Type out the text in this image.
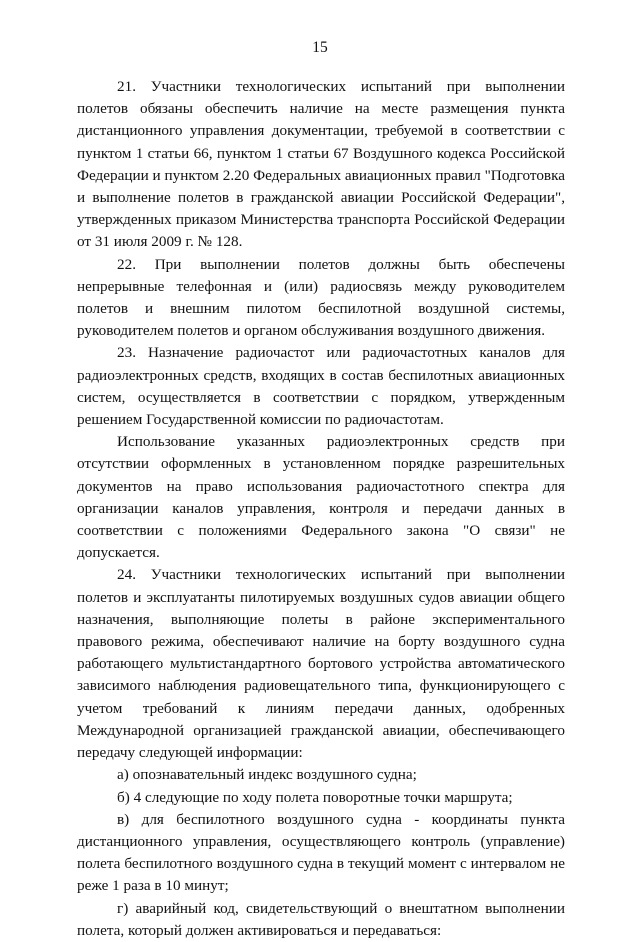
15

21. Участники технологических испытаний при выполнении полетов обязаны обеспечить наличие на месте размещения пункта дистанционного управления документации, требуемой в соответствии с пунктом 1 статьи 66, пунктом 1 статьи 67 Воздушного кодекса Российской Федерации и пунктом 2.20 Федеральных авиационных правил "Подготовка и выполнение полетов в гражданской авиации Российской Федерации", утвержденных приказом Министерства транспорта Российской Федерации от 31 июля 2009 г. № 128.

22. При выполнении полетов должны быть обеспечены непрерывные телефонная и (или) радиосвязь между руководителем полетов и внешним пилотом беспилотной воздушной системы, руководителем полетов и органом обслуживания воздушного движения.

23. Назначение радиочастот или радиочастотных каналов для радиоэлектронных средств, входящих в состав беспилотных авиационных систем, осуществляется в соответствии с порядком, утвержденным решением Государственной комиссии по радиочастотам.

Использование указанных радиоэлектронных средств при отсутствии оформленных в установленном порядке разрешительных документов на право использования радиочастотного спектра для организации каналов управления, контроля и передачи данных в соответствии с положениями Федерального закона "О связи" не допускается.

24. Участники технологических испытаний при выполнении полетов и эксплуатанты пилотируемых воздушных судов авиации общего назначения, выполняющие полеты в районе экспериментального правового режима, обеспечивают наличие на борту воздушного судна работающего мультистандартного бортового устройства автоматического зависимого наблюдения радиовещательного типа, функционирующего с учетом требований к линиям передачи данных, одобренных Международной организацией гражданской авиации, обеспечивающего передачу следующей информации:

а) опознавательный индекс воздушного судна;

б) 4 следующие по ходу полета поворотные точки маршрута;

в) для беспилотного воздушного судна - координаты пункта дистанционного управления, осуществляющего контроль (управление) полета беспилотного воздушного судна в текущий момент с интервалом не реже 1 раза в 10 минут;

г) аварийный код, свидетельствующий о внештатном выполнении полета, который должен активироваться и передаваться:
